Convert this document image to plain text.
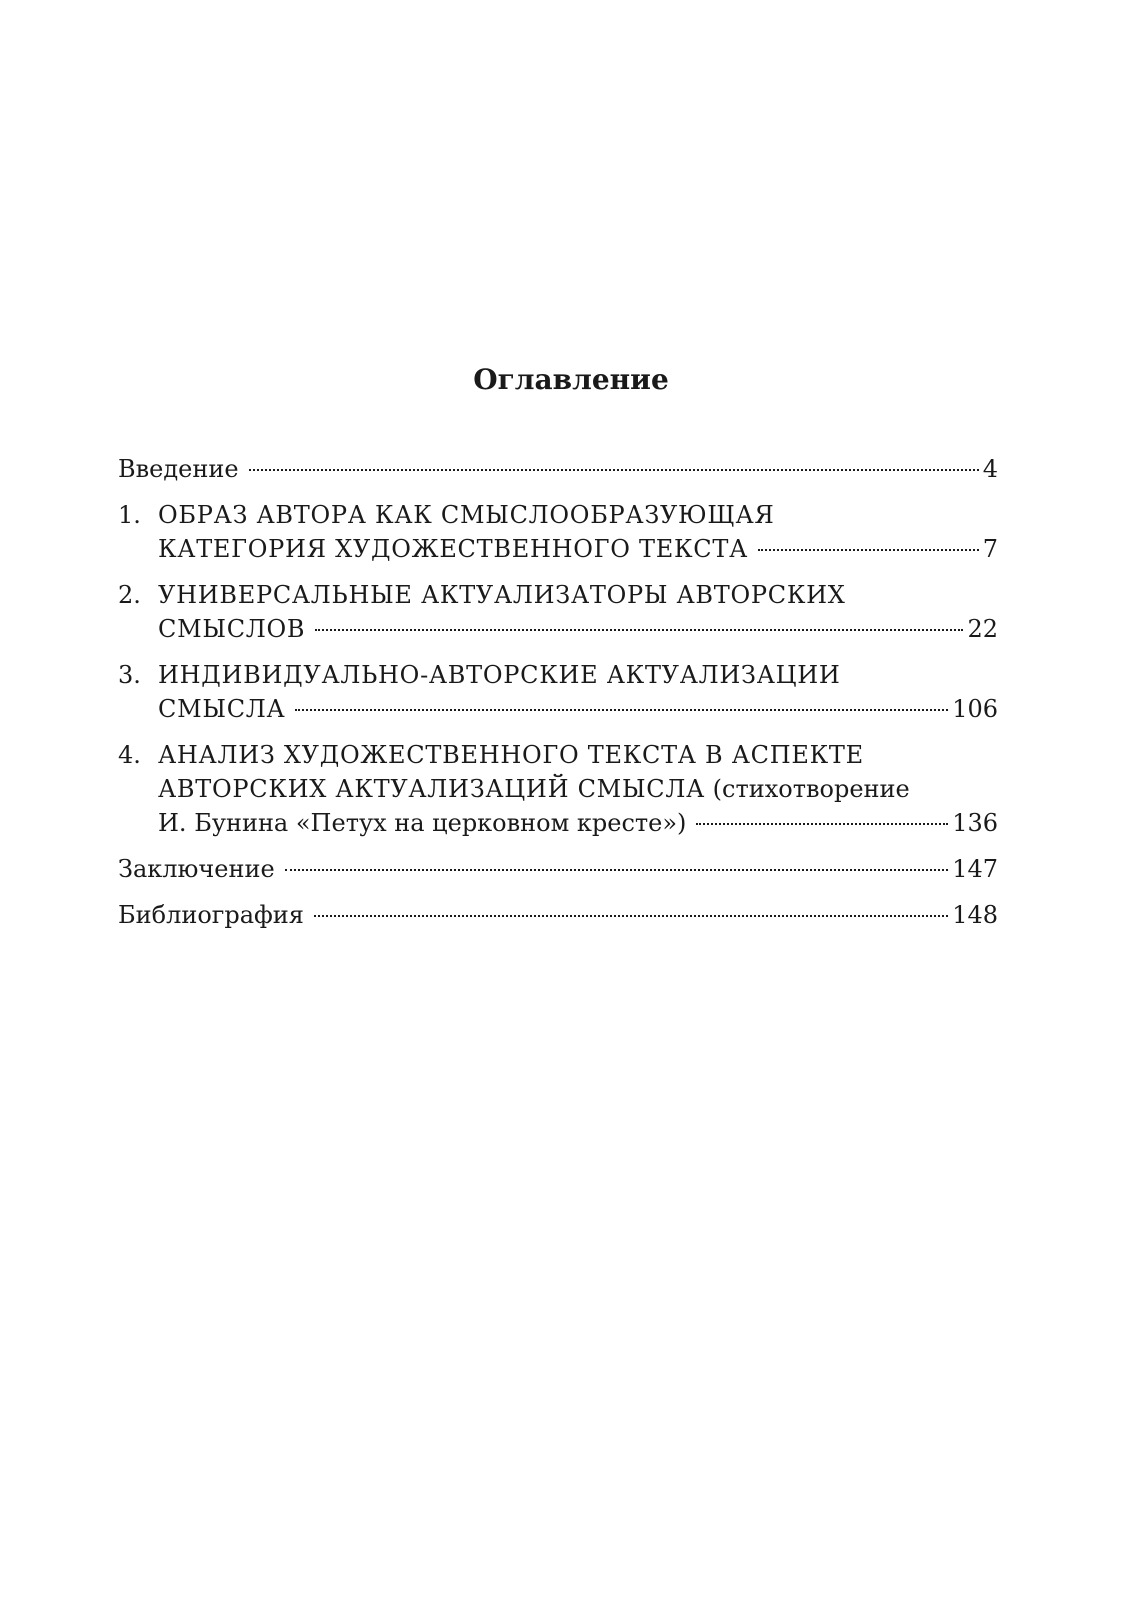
Оглавление
Введение	4
1. ОБРАЗ АВТОРА КАК СМЫСЛООБРАЗУЮЩАЯ
КАТЕГОРИЯ ХУДОЖЕСТВЕННОГО ТЕКСТА	7
2. УНИВЕРСАЛЬНЫЕ АКТУАЛИЗАТОРЫ АВТОРСКИХ
СМЫСЛОВ	22
3. ИНДИВИДУАЛЬНО-АВТОРСКИЕ АКТУАЛИЗАЦИИ
СМЫСЛА	106
4. АНАЛИЗ ХУДОЖЕСТВЕННОГО ТЕКСТА В АСПЕКТЕ
АВТОРСКИХ АКТУАЛИЗАЦИЙ СМЫСЛА (стихотворение
И. Бунина «Петух на церковном кресте»)	136
Заключение	147
Библиография	148
